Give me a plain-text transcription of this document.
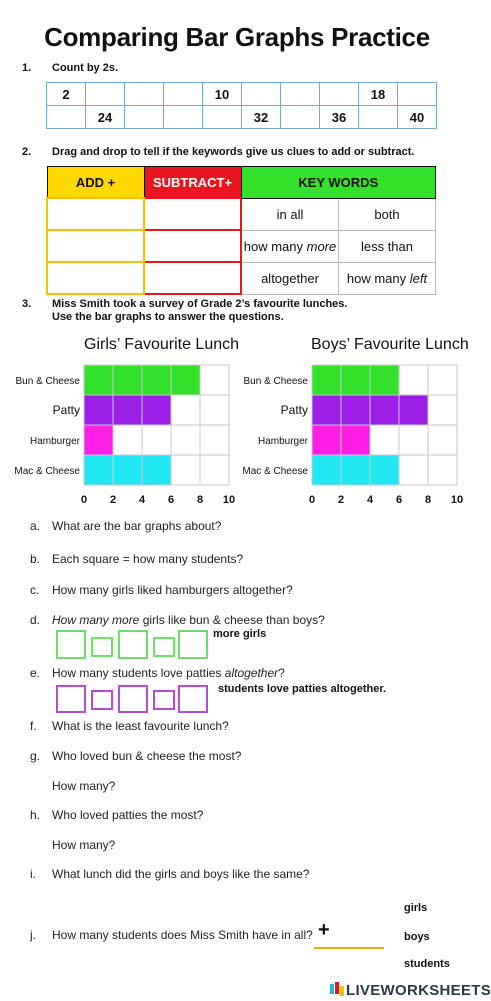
Comparing Bar Graphs Practice
1. Count by 2s.
2				10				18	
	24				32		36		40
2. Drag and drop to tell if the keywords give us clues to add or subtract.
ADD +	SUBTRACT+	KEY WORDS	
		in all	both
		how many more	less than
		altogether	how many left
3. Miss Smith took a survey of Grade 2’s favourite lunches.
Use the bar graphs to answer the questions.
Girls’ Favourite Lunch	Boys’ Favourite Lunch
Bun & Cheese
Patty
Hamburger
Mac & Cheese
0 2 4 6 8 10
Bun & Cheese
Patty
Hamburger
Mac & Cheese
0 2 4 6 8 10
a. What are the bar graphs about?
b. Each square = how many students?
c. How many girls liked hamburgers altogether?
d. How many more girls like bun & cheese than boys?
more girls
e. How many students love patties altogether?
students love patties altogether.
f. What is the least favourite lunch?
g. Who loved bun & cheese the most?
How many?
h. Who loved patties the most?
How many?
i. What lunch did the girls and boys like the same?
j. How many students does Miss Smith have in all? +
girls
boys
students
LIVEWORKSHEETS
